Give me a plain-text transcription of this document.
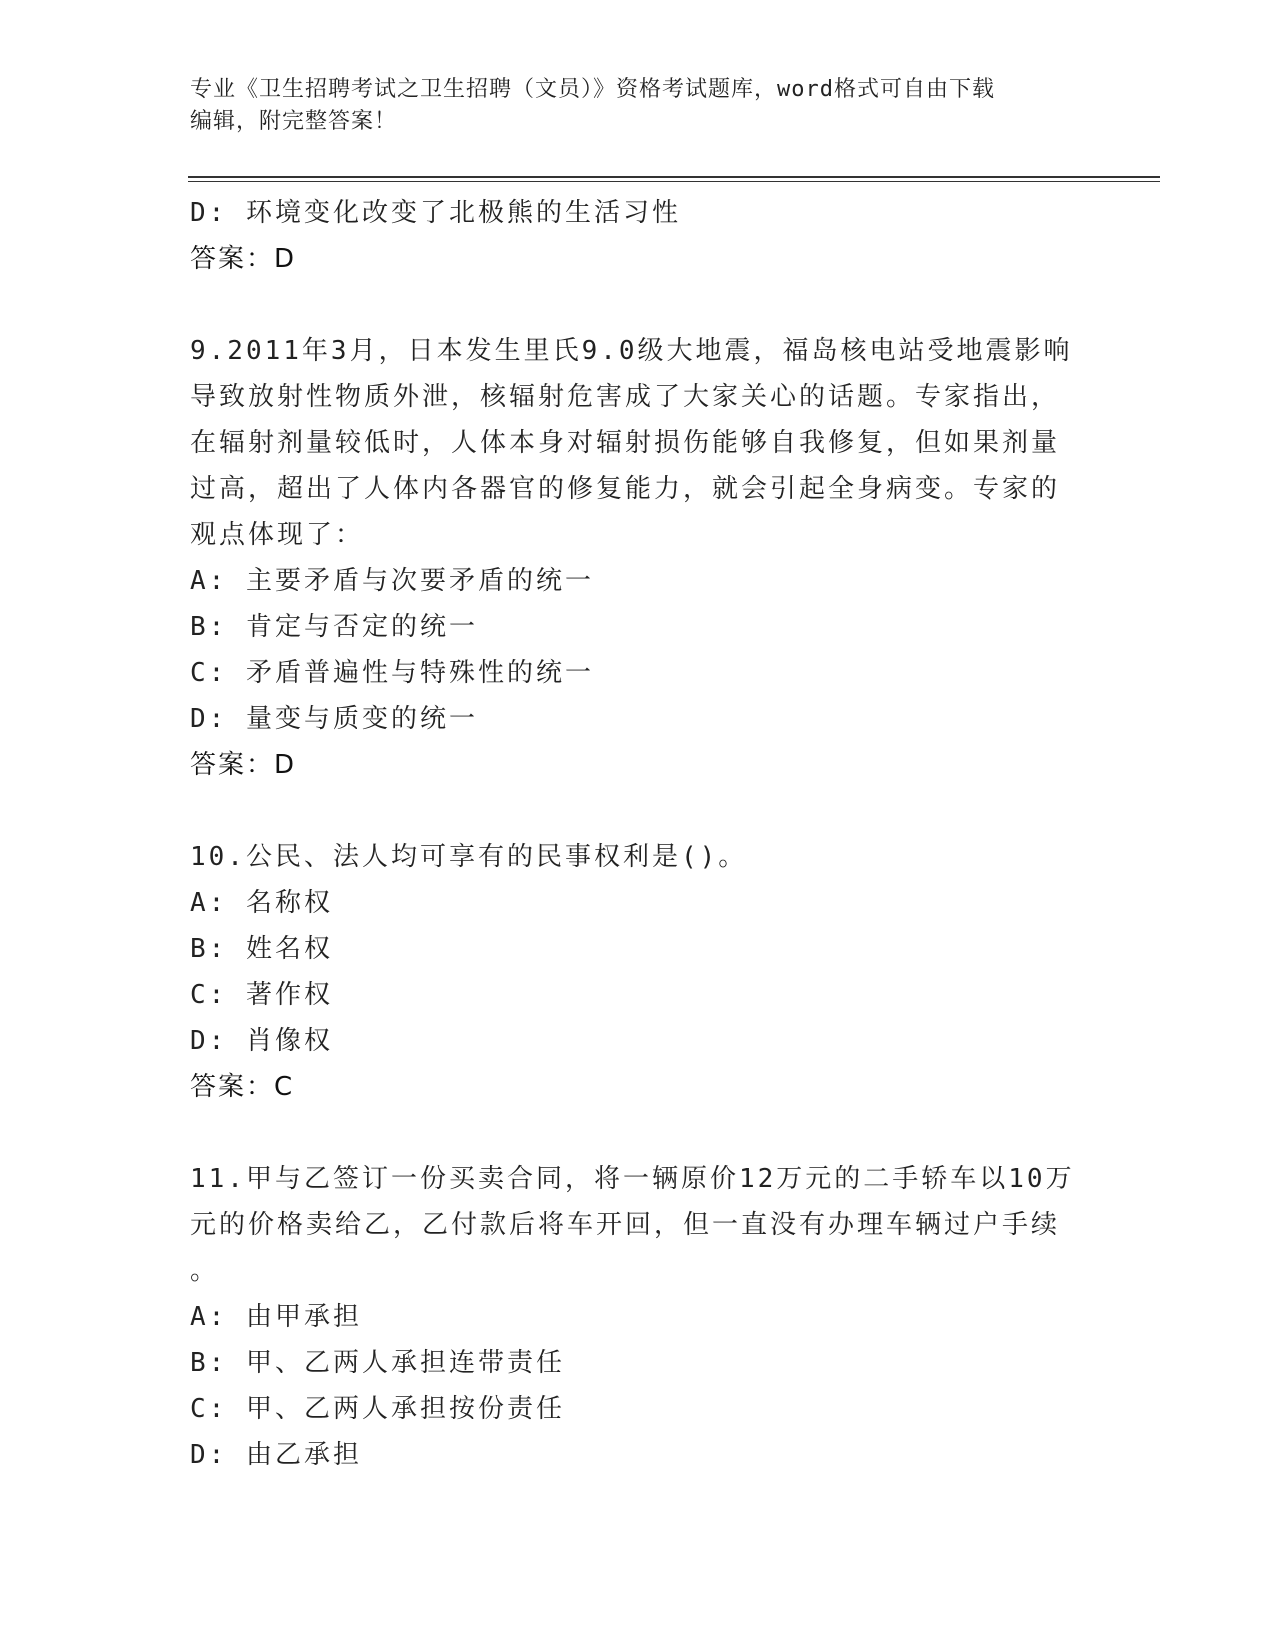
专业《卫生招聘考试之卫生招聘（文员）》资格考试题库，word格式可自由下载
编辑，附完整答案！
D: 环境变化改变了北极熊的生活习性
答案：D
9.2011年3月，日本发生里氏9.0级大地震，福岛核电站受地震影响
导致放射性物质外泄，核辐射危害成了大家关心的话题。专家指出，
在辐射剂量较低时，人体本身对辐射损伤能够自我修复，但如果剂量
过高，超出了人体内各器官的修复能力，就会引起全身病变。专家的
观点体现了：
A: 主要矛盾与次要矛盾的统一
B: 肯定与否定的统一
C: 矛盾普遍性与特殊性的统一
D: 量变与质变的统一
答案：D
10.公民、法人均可享有的民事权利是()。
A: 名称权
B: 姓名权
C: 著作权
D: 肖像权
答案：C
11.甲与乙签订一份买卖合同，将一辆原价12万元的二手轿车以10万
元的价格卖给乙，乙付款后将车开回，但一直没有办理车辆过户手续
。
A: 由甲承担
B: 甲、乙两人承担连带责任
C: 甲、乙两人承担按份责任
D: 由乙承担
